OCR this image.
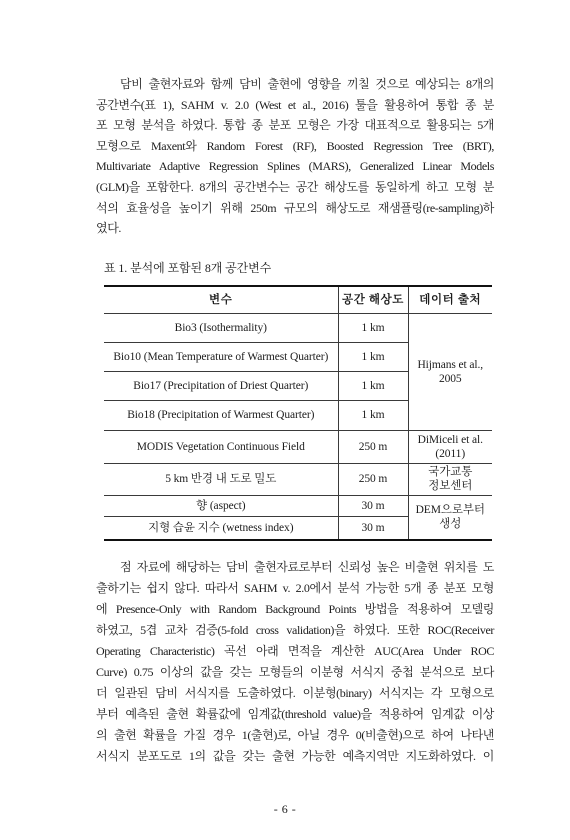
담비 출현자료와 함께 담비 출현에 영향을 끼칠 것으로 예상되는 8개의
공간변수(표 1), SAHM v. 2.0 (West et al., 2016) 툴을 활용하여 통합 종 분
포 모형 분석을 하였다. 통합 종 분포 모형은 가장 대표적으로 활용되는 5개
모형으로 Maxent와 Random Forest (RF), Boosted Regression Tree (BRT),
Multivariate Adaptive Regression Splines (MARS), Generalized Linear Models
(GLM)을 포함한다. 8개의 공간변수는 공간 해상도를 동일하게 하고 모형 분
석의 효율성을 높이기 위해 250m 규모의 해상도로 재샘플링(re-sampling)하
였다.
표 1. 분석에 포함된 8개 공간변수
변수	공간 해상도	데이터 출처
Bio3 (Isothermality)	1 km	Hijmans et al.,
2005

Bio10 (Mean Temperature of Warmest Quarter)	1 km	
Bio17 (Precipitation of Driest Quarter)	1 km	
Bio18 (Precipitation of Warmest Quarter)	1 km	
MODIS Vegetation Continuous Field	250 m	DiMiceli et al.
(2011)

5 km 반경 내 도로 밀도	250 m	국가교통
정보센터

향 (aspect)	30 m	DEM으로부터
생성

지형 습윤 지수 (wetness index)	30 m	
점 자료에 해당하는 담비 출현자료로부터 신뢰성 높은 비출현 위치를 도
출하기는 쉽지 않다. 따라서 SAHM v. 2.0에서 분석 가능한 5개 종 분포 모형
에 Presence-Only with Random Background Points 방법을 적용하여 모델링
하였고, 5겹 교차 검증(5-fold cross validation)을 하였다. 또한 ROC(Receiver
Operating Characteristic) 곡선 아래 면적을 계산한 AUC(Area Under ROC
Curve) 0.75 이상의 값을 갖는 모형들의 이분형 서식지 중첩 분석으로 보다
더 일관된 담비 서식지를 도출하였다. 이분형(binary) 서식지는 각 모형으로
부터 예측된 출현 확률값에 임계값(threshold value)을 적용하여 임계값 이상
의 출현 확률을 가질 경우 1(출현)로, 아닐 경우 0(비출현)으로 하여 나타낸
서식지 분포도로 1의 값을 갖는 출현 가능한 예측지역만 지도화하였다. 이
- 6 -
